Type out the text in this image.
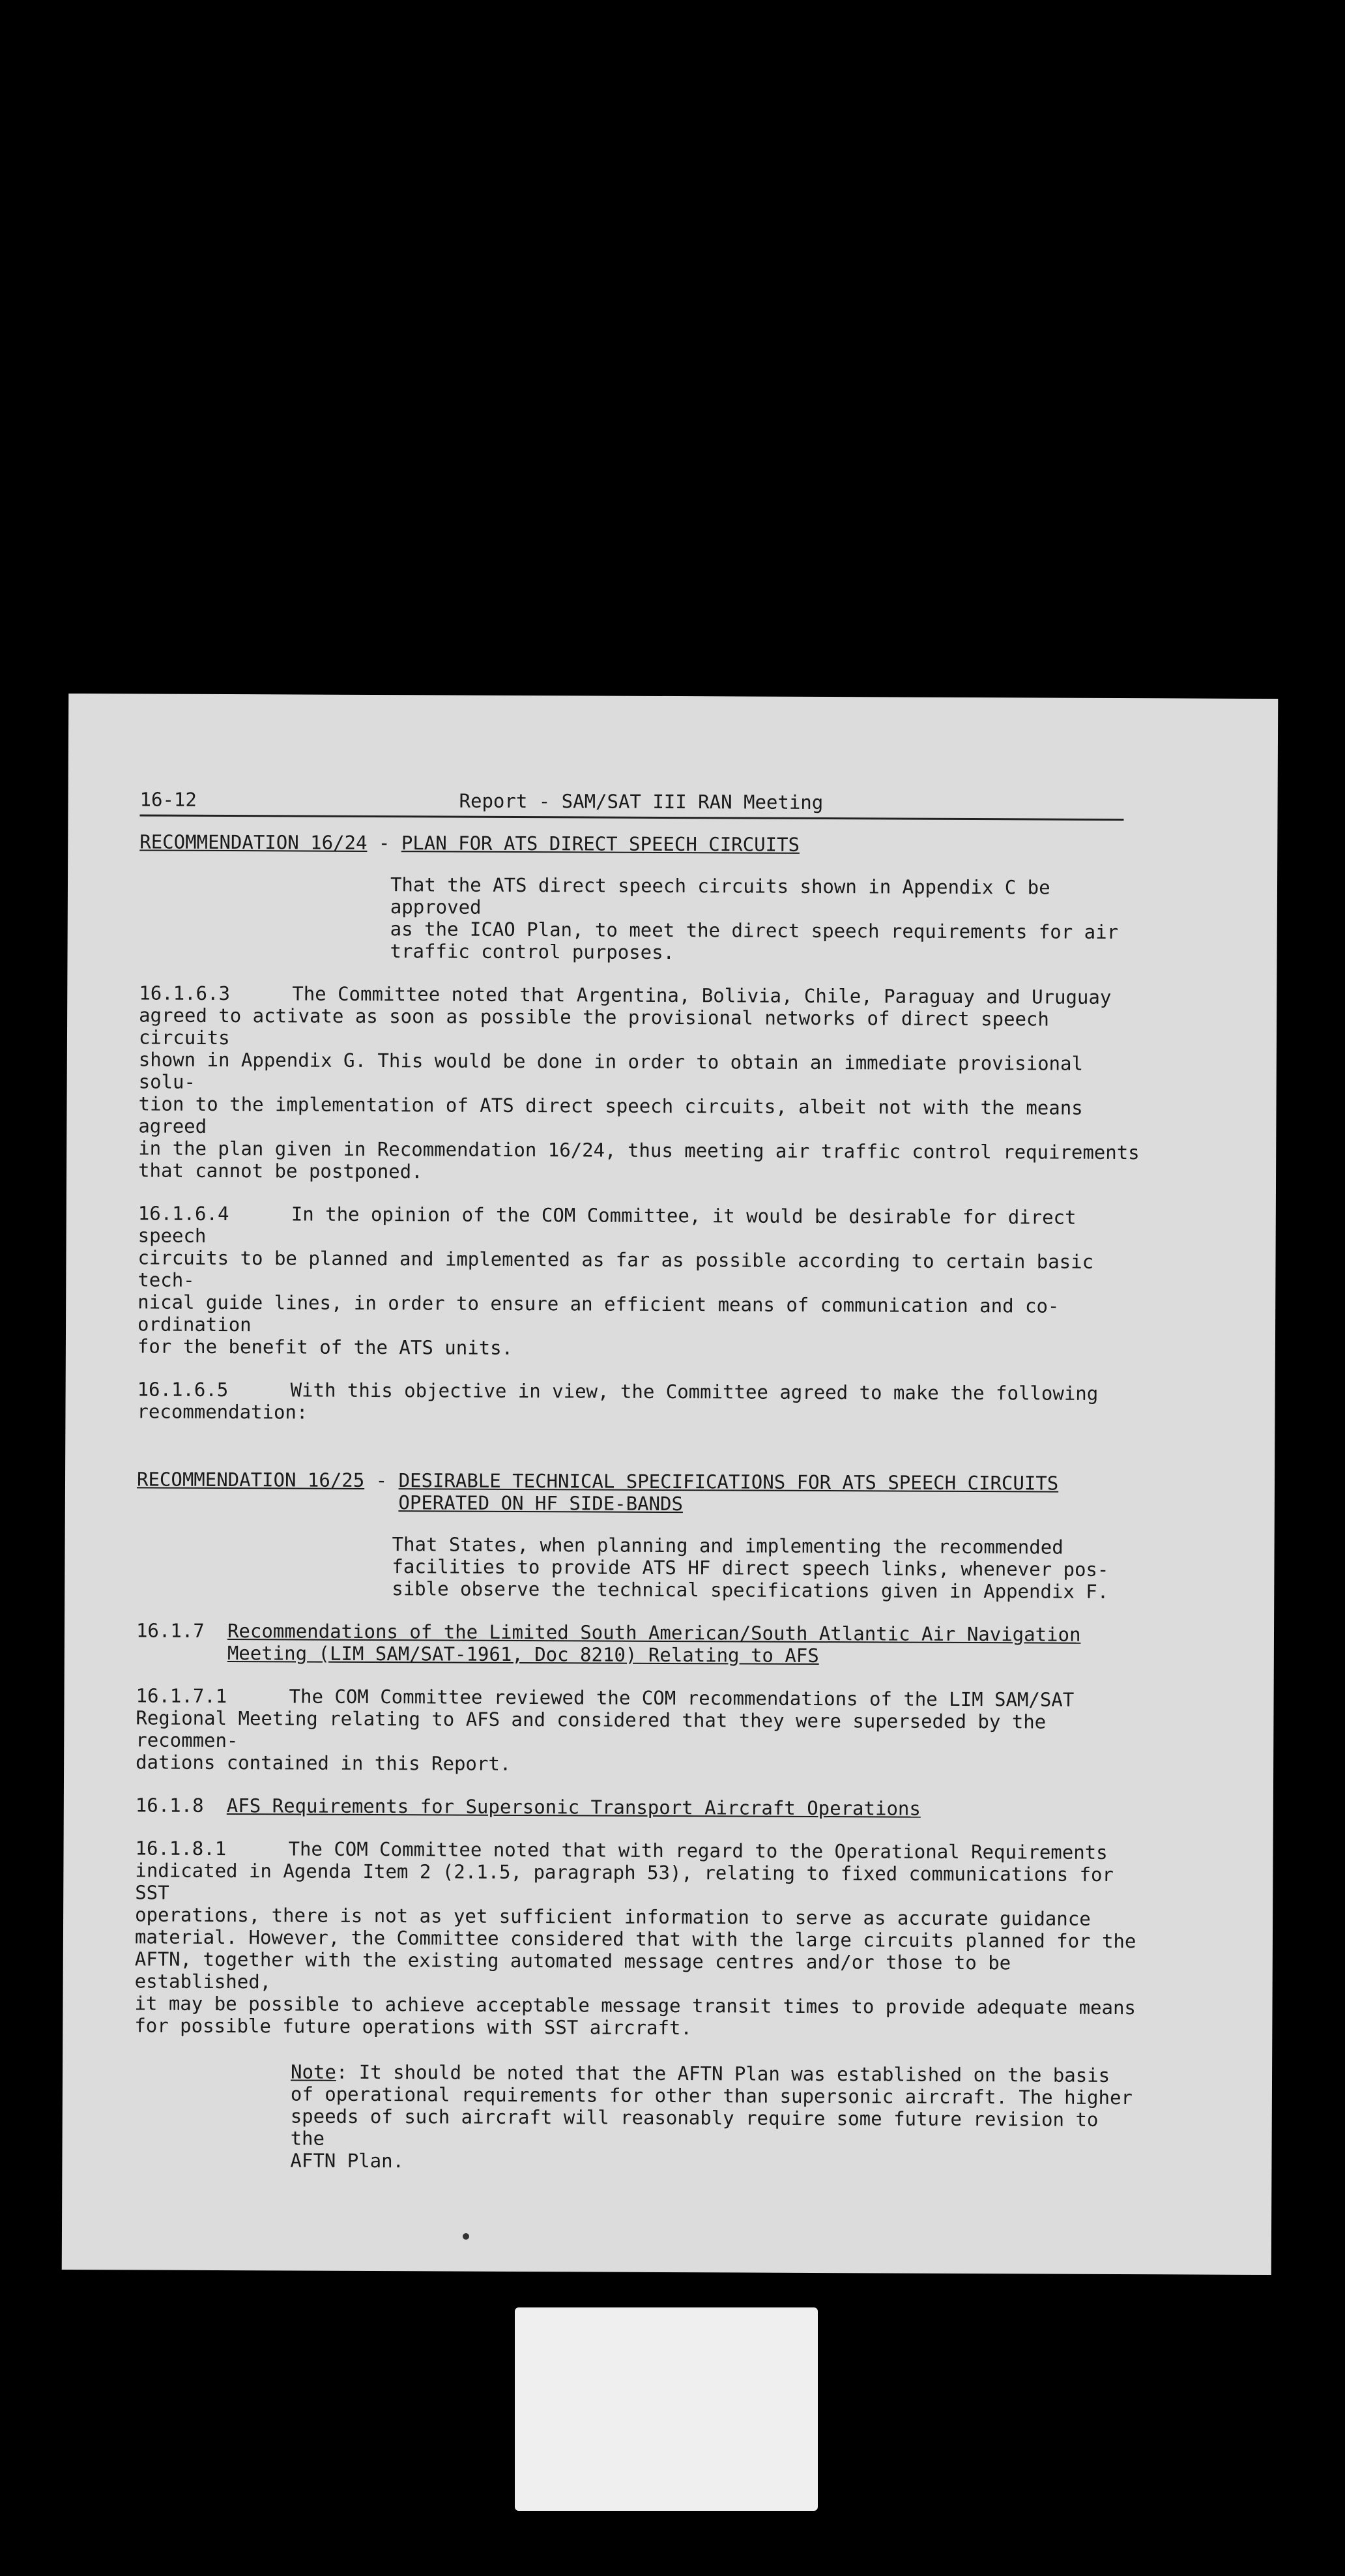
16-12	Report - SAM/SAT III RAN Meeting

RECOMMENDATION 16/24 - PLAN FOR ATS DIRECT SPEECH CIRCUITS

That the ATS direct speech circuits shown in Appendix C be approved

as the ICAO Plan, to meet the direct speech requirements for air

traffic control purposes.

16.1.6.3	The Committee noted that Argentina, Bolivia, Chile, Paraguay and Uruguay

agreed to activate as soon as possible the provisional networks of direct speech circuits

shown in Appendix G. This would be done in order to obtain an immediate provisional solu-

tion to the implementation of ATS direct speech circuits, albeit not with the means agreed

in the plan given in Recommendation 16/24, thus meeting air traffic control requirements

that cannot be postponed.

16.1.6.4	In the opinion of the COM Committee, it would be desirable for direct speech

circuits to be planned and implemented as far as possible according to certain basic tech-

nical guide lines, in order to ensure an efficient means of communication and co-ordination

for the benefit of the ATS units.

16.1.6.5	With this objective in view, the Committee agreed to make the following

recommendation:

RECOMMENDATION 16/25 - DESIRABLE TECHNICAL SPECIFICATIONS FOR ATS SPEECH CIRCUITS

OPERATED ON HF SIDE-BANDS

That States, when planning and implementing the recommended

facilities to provide ATS HF direct speech links, whenever pos-

sible observe the technical specifications given in Appendix F.

16.1.7	Recommendations of the Limited South American/South Atlantic Air Navigation

Meeting (LIM SAM/SAT-1961, Doc 8210) Relating to AFS

16.1.7.1	The COM Committee reviewed the COM recommendations of the LIM SAM/SAT

Regional Meeting relating to AFS and considered that they were superseded by the recommen-

dations contained in this Report.

16.1.8	AFS Requirements for Supersonic Transport Aircraft Operations

16.1.8.1	The COM Committee noted that with regard to the Operational Requirements

indicated in Agenda Item 2 (2.1.5, paragraph 53), relating to fixed communications for SST

operations, there is not as yet sufficient information to serve as accurate guidance

material. However, the Committee considered that with the large circuits planned for the

AFTN, together with the existing automated message centres and/or those to be established,

it may be possible to achieve acceptable message transit times to provide adequate means

for possible future operations with SST aircraft.

Note: It should be noted that the AFTN Plan was established on the basis

of operational requirements for other than supersonic aircraft. The higher

speeds of such aircraft will reasonably require some future revision to the

AFTN Plan.
